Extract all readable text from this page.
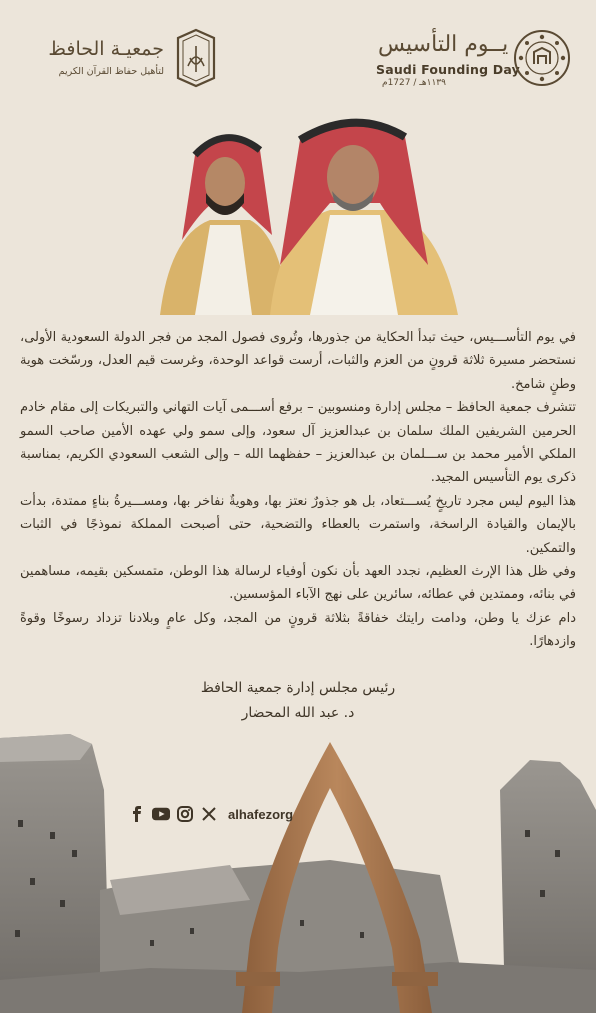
جمعيـة الحافظ
لتأهيل حفاظ القرآن الكريم
يــوم التأسيس
Saudi Founding Day
١١٣٩هـ / 1727م

في يوم التأســـيس، حيث تبدأ الحكاية من جذورها، وتُروى فصول المجد من فجر الدولة السعودية الأولى، نستحضر مسيرة ثلاثة قرونٍ من العزم والثبات، أرست قواعد الوحدة، وغرست قيم العدل، ورسّخت هوية وطنٍ شامخ.

تتشرف جمعية الحافظ – مجلس إدارة ومنسوبين – برفع أســـمى آيات التهاني والتبريكات إلى مقام خادم الحرمين الشريفين الملك سلمان بن عبدالعزيز آل سعود، وإلى سمو ولي عهده الأمين صاحب السمو الملكي الأمير محمد بن ســـلمان بن عبدالعزيز – حفظهما الله – وإلى الشعب السعودي الكريم، بمناسبة ذكرى يوم التأسيس المجيد.

هذا اليوم ليس مجرد تاريخٍ يُســـتعاد، بل هو جذورٌ نعتز بها، وهويةٌ نفاخر بها، ومســـيرةُ بناءٍ ممتدة، بدأت بالإيمان والقيادة الراسخة، واستمرت بالعطاء والتضحية، حتى أصبحت المملكة نموذجًا في الثبات والتمكين.

وفي ظل هذا الإرث العظيم، نجدد العهد بأن نكون أوفياء لرسالة هذا الوطن، متمسكين بقيمه، مساهمين في بنائه، وممتدين في عطائه، سائرين على نهج الآباء المؤسسين.

دام عزك يا وطن، ودامت رايتك خفاقةً بثلاثة قرونٍ من المجد، وكل عامٍ وبلادنا تزداد رسوخًا وقوةً وازدهارًا.

رئيس مجلس إدارة جمعية الحافظ
د. عبد الله المحضار
alhafezorg
